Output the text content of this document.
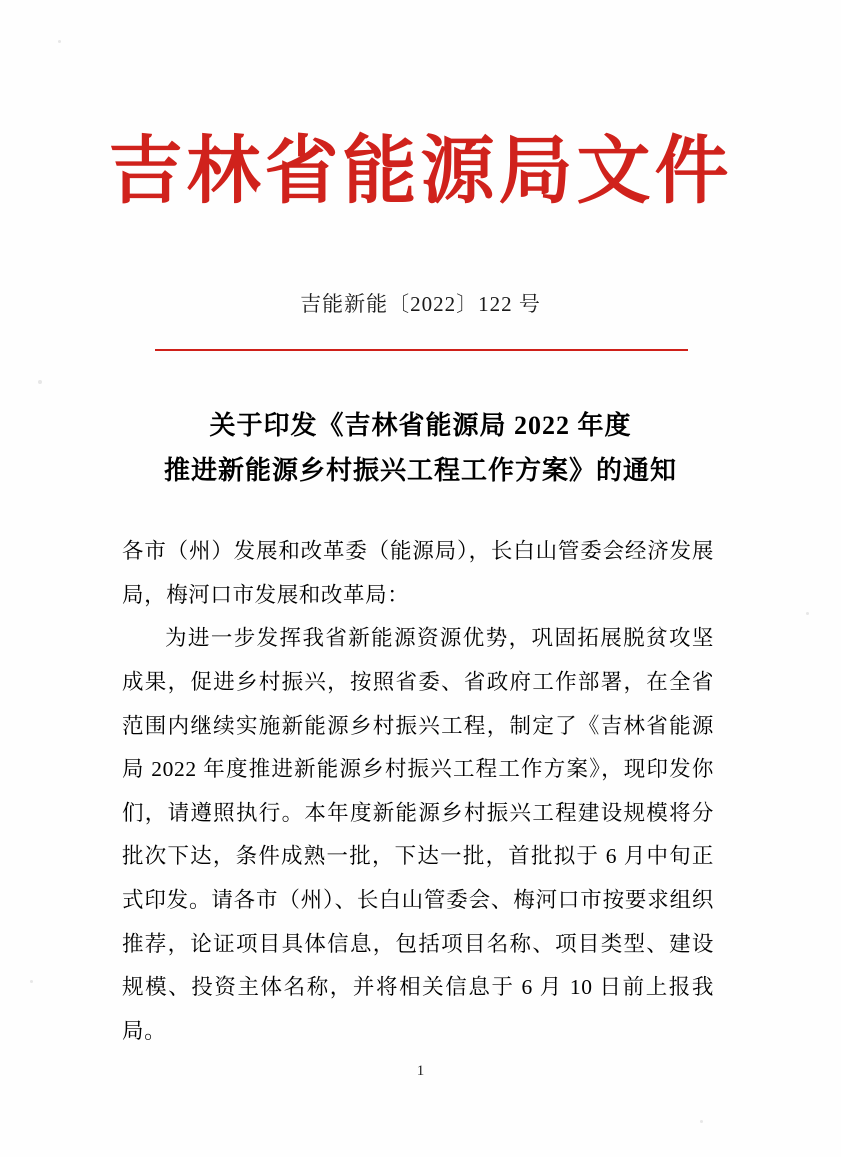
吉林省能源局文件
吉能新能〔2022〕122 号
关于印发《吉林省能源局 2022 年度
推进新能源乡村振兴工程工作方案》的通知

各市（州）发展和改革委（能源局），长白山管委会经济发展局，梅河口市发展和改革局：

为进一步发挥我省新能源资源优势，巩固拓展脱贫攻坚成果，促进乡村振兴，按照省委、省政府工作部署，在全省范围内继续实施新能源乡村振兴工程，制定了《吉林省能源局 2022 年度推进新能源乡村振兴工程工作方案》，现印发你们，请遵照执行。本年度新能源乡村振兴工程建设规模将分批次下达，条件成熟一批，下达一批，首批拟于 6 月中旬正式印发。请各市（州）、长白山管委会、梅河口市按要求组织推荐，论证项目具体信息，包括项目名称、项目类型、建设规模、投资主体名称，并将相关信息于 6 月 10 日前上报我局。

1
